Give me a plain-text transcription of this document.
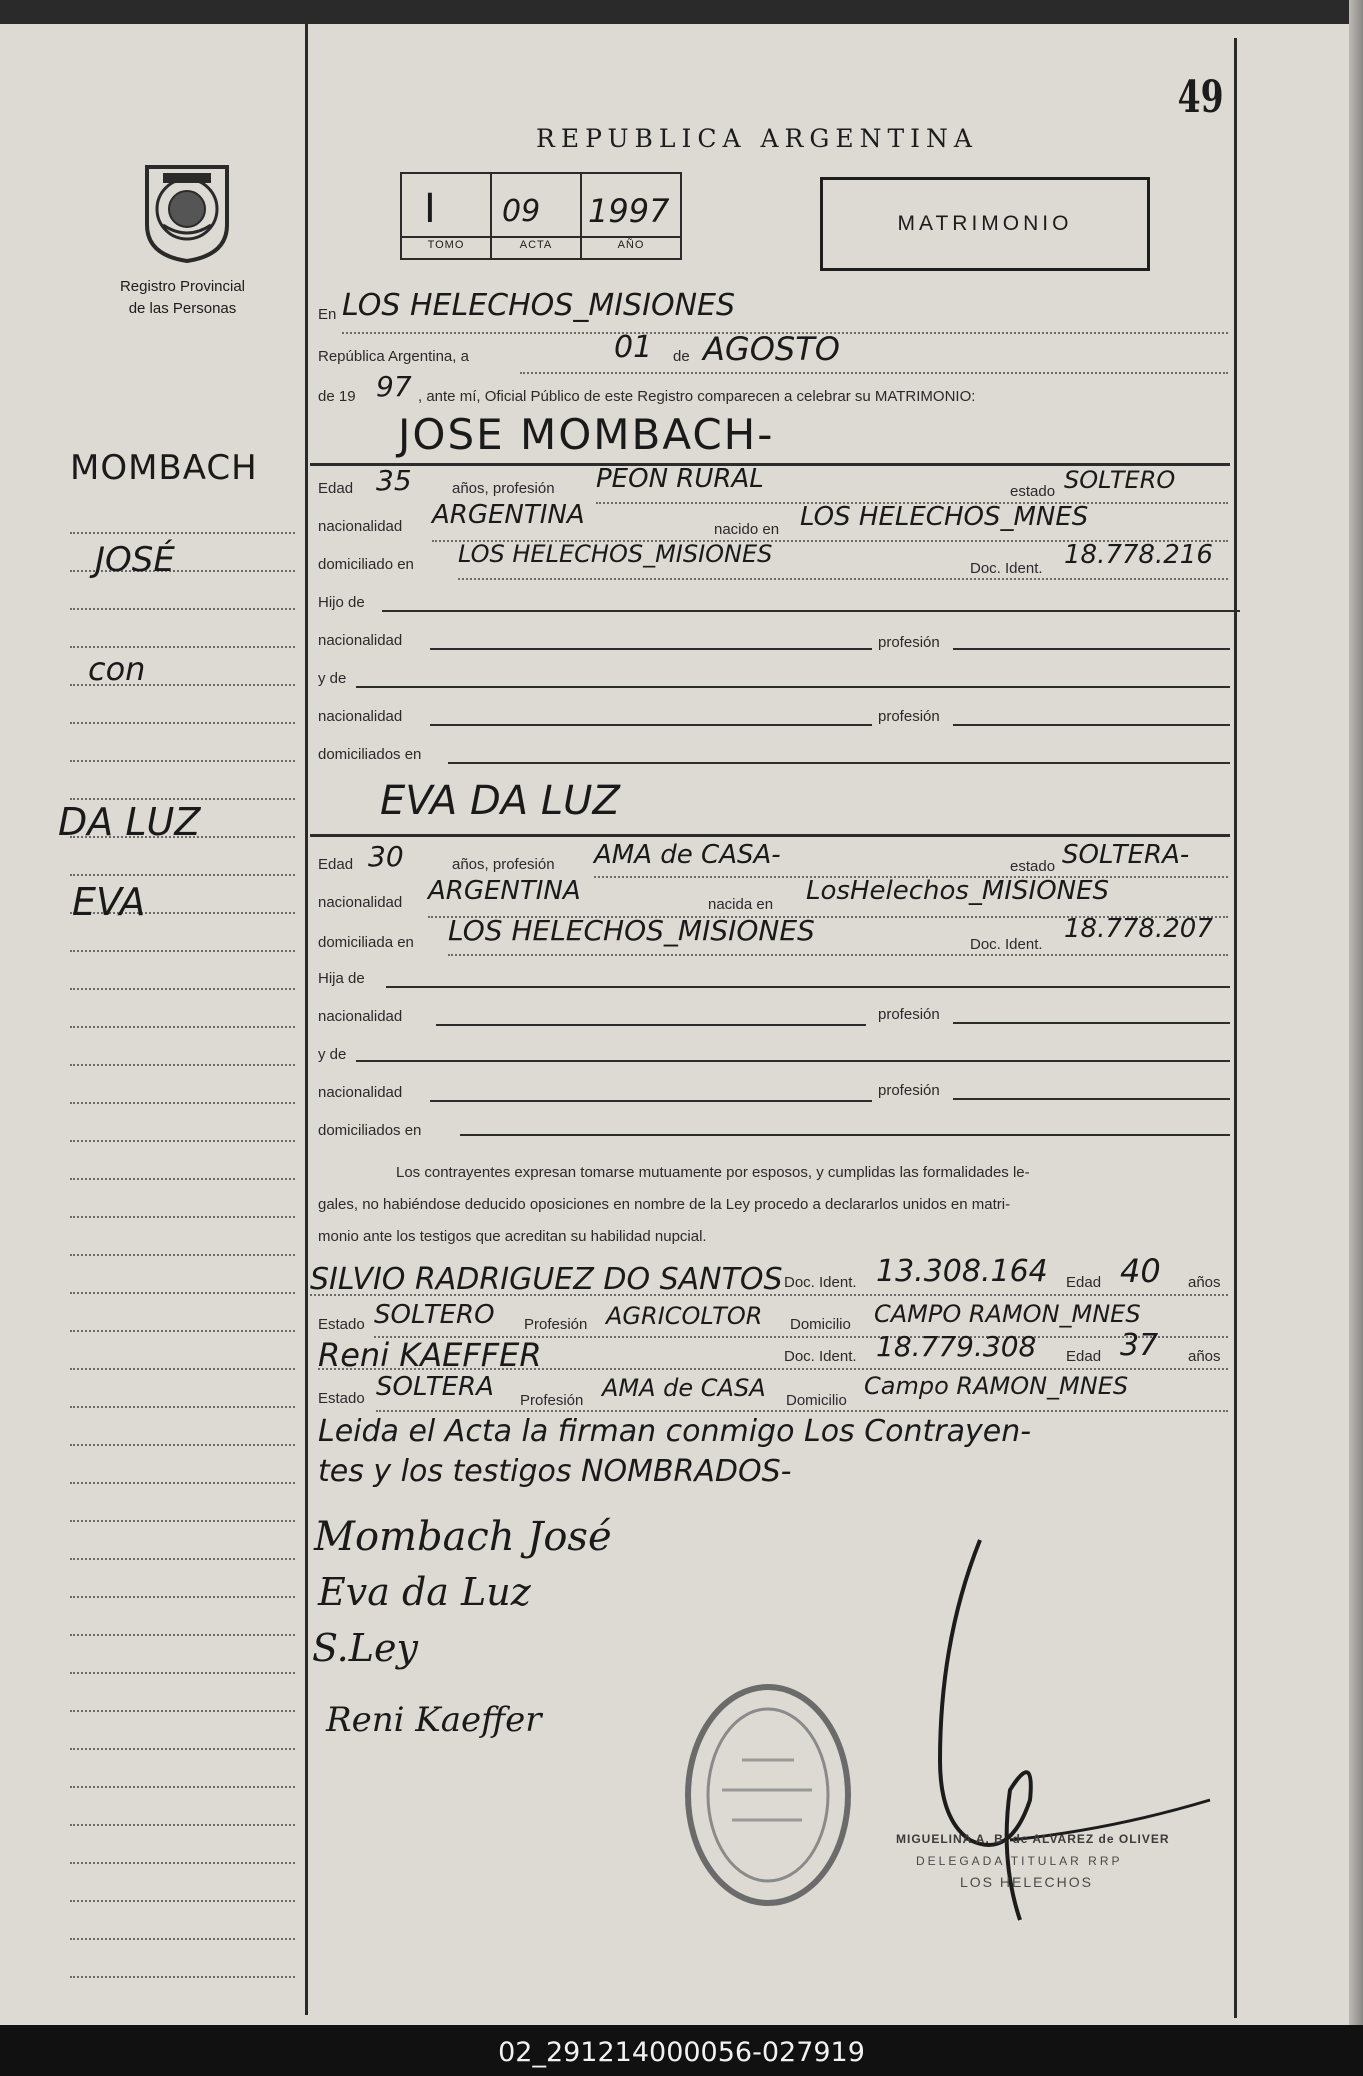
49
REPUBLICA ARGENTINA
I 09 1997
TOMO	ACTA	AÑO
MATRIMONIO
Registro Provincial
de las Personas
MOMBACH
JOSÉ
con
DA LUZ
EVA
En LOS HELECHOS_MISIONES
República Argentina, a	01 de AGOSTO
de 19 97 , ante mí, Oficial Público de este Registro comparecen a celebrar su MATRIMONIO:
JOSE MOMBACH-
Edad 35	años, profesión PEON RURAL	estado SOLTERO
nacionalidad ARGENTINA	nacido en LOS HELECHOS_MNES
domiciliado en LOS HELECHOS_MISIONES
Doc. Ident. 18.778.216
Hijo de
nacionalidad	profesión
y de
nacionalidad	profesión
domiciliados en
EVA DA LUZ
Edad 30	años, profesión AMA de CASA-	estado SOLTERA-
nacionalidad ARGENTINA	nacida en LosHelechos_MISIONES
domiciliada en LOS HELECHOS_MISIONES	Doc. Ident.
18.778.207
Hija de
nacionalidad	profesión
y de
nacionalidad	profesión
domiciliados en
Los contrayentes expresan tomarse mutuamente por esposos, y cumplidas las formalidades le-
gales, no habiéndose deducido oposiciones en nombre de la Ley procedo a declararlos unidos en matri-
monio ante los testigos que acreditan su habilidad nupcial.
SILVIO RADRIGUEZ DO SANTOS Doc. Ident. 13.308.164 Edad 40 años
Estado SOLTERO Profesión AGRICOLTOR Domicilio CAMPO RAMON_MNES
Reni KAEFFER	Doc. Ident. 18.779.308 Edad 37 años
Estado SOLTERA Profesión AMA de CASA Domicilio
Campo RAMON_MNES
Leida el Acta la firman conmigo Los Contrayen-
tes y los testigos NOMBRADOS-
Mombach José
Eva da Luz
S.Ley
Reni Kaeffer
MIGUELINA A. B. de ALVAREZ de OLIVER
DELEGADA TITULAR RRP
LOS HELECHOS
02_291214000056-027919
